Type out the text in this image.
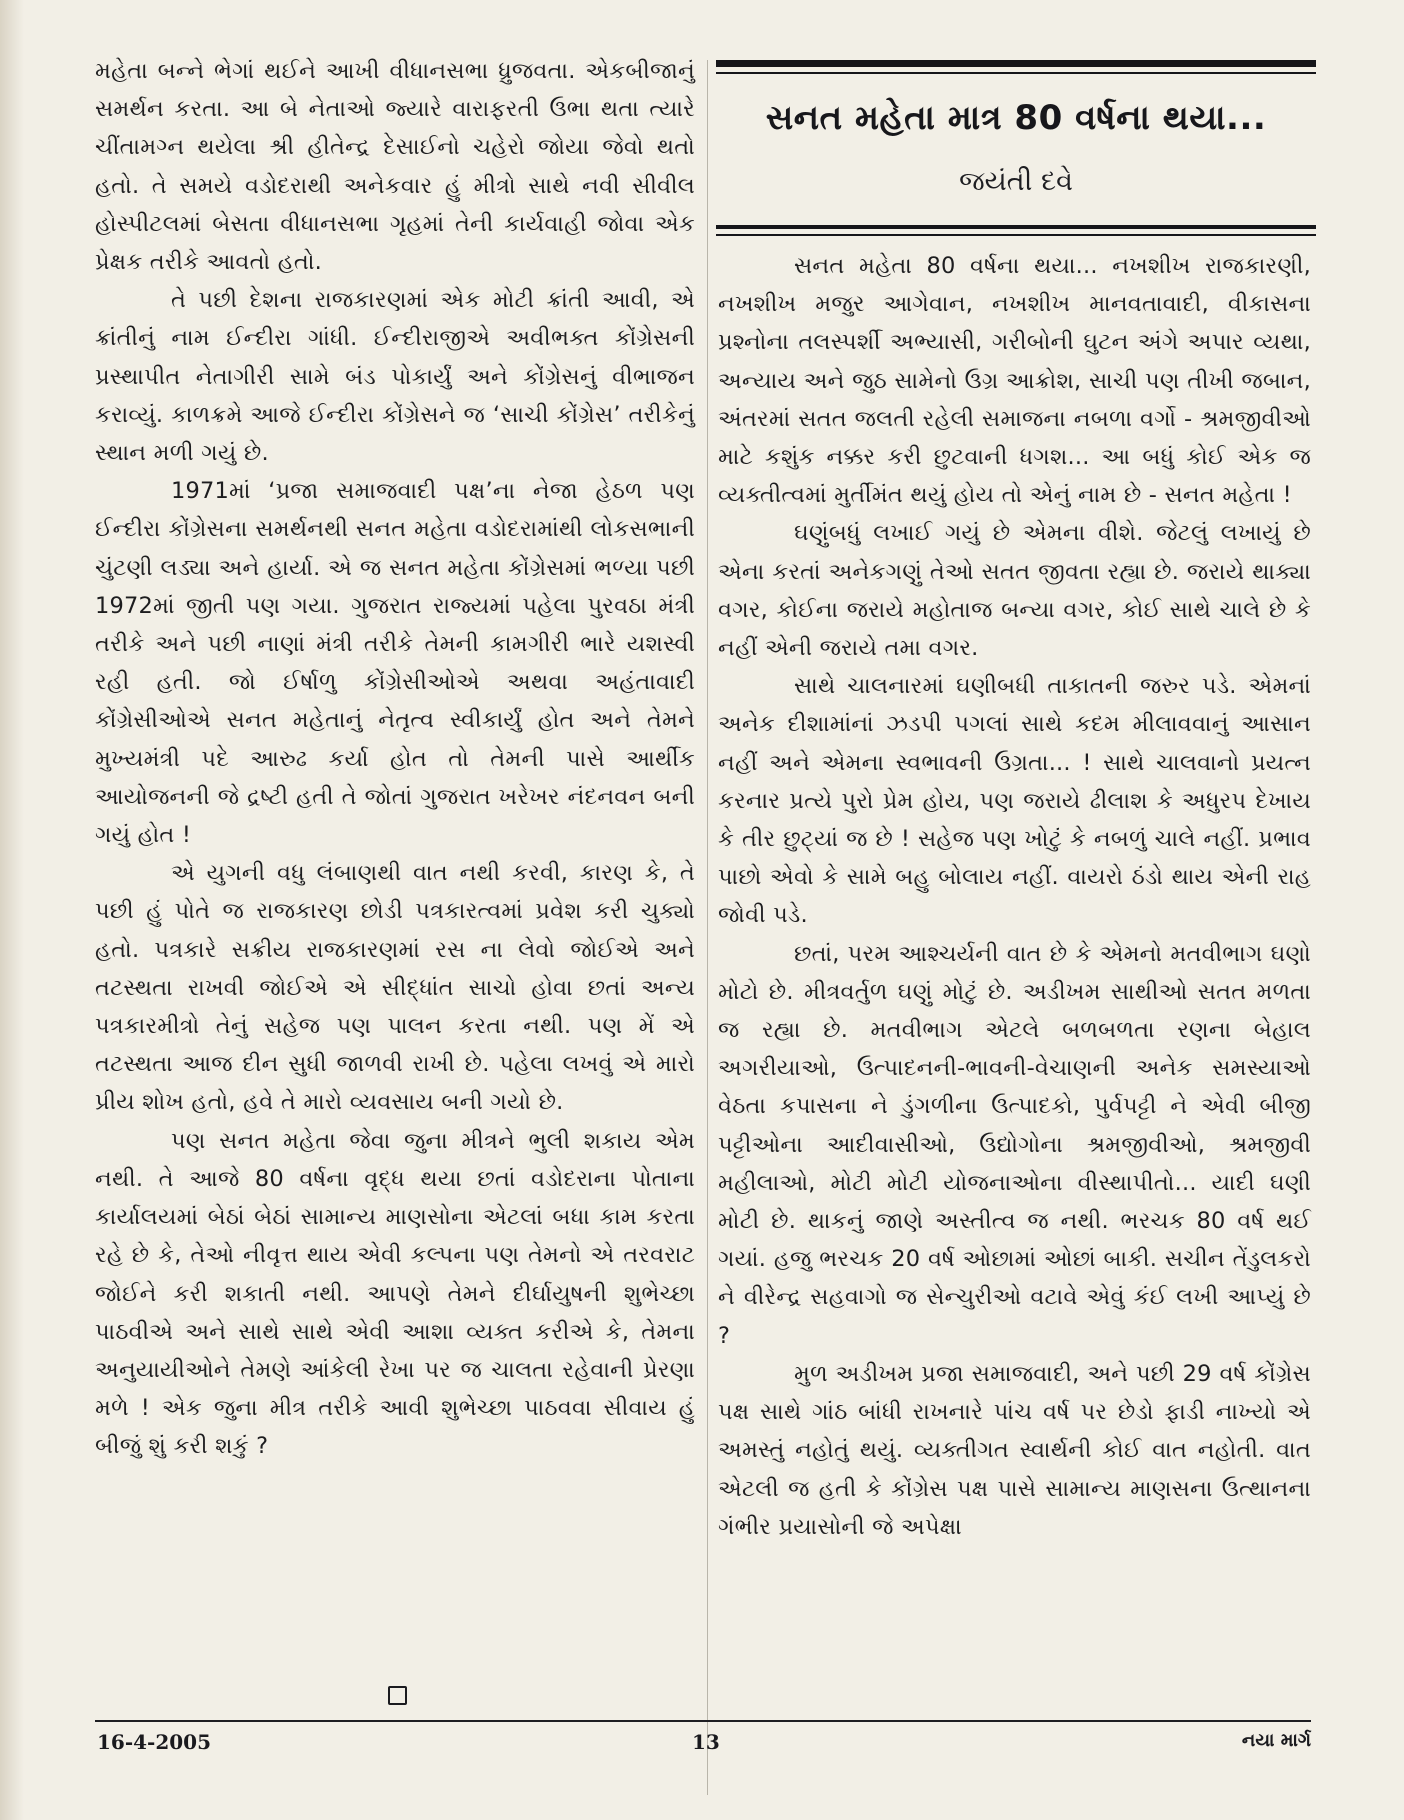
મહેતા બન્ને ભેગાં થઈને આખી વીધાનસભા ધ્રુજવતા. એકબીજાનું સમર્થન કરતા. આ બે નેતાઓ જ્યારે વારાફરતી ઉભા થતા ત્યારે ચીંતામગ્ન થયેલા શ્રી હીતેન્દ્ર દેસાઈનો ચહેરો જોયા જેવો થતો હતો. તે સમયે વડોદરાથી અનેકવાર હું મીત્રો સાથે નવી સીવીલ હોસ્પીટલમાં બેસતા વીધાનસભા ગૃહમાં તેની કાર્યવાહી જોવા એક પ્રેક્ષક તરીકે આવતો હતો.

તે પછી દેશના રાજકારણમાં એક મોટી ક્રાંતી આવી, એ ક્રાંતીનું નામ ઈન્દીરા ગાંધી. ઈન્દીરાજીએ અવીભક્ત કોંગ્રેસની પ્રસ્થાપીત નેતાગીરી સામે બંડ પોકાર્યું અને કોંગ્રેસનું વીભાજન કરાવ્યું. કાળક્રમે આજે ઈન્દીરા કોંગ્રેસને જ ‘સાચી કોંગ્રેસ’ તરીકેનું સ્થાન મળી ગયું છે.

1971માં ‘પ્રજા સમાજવાદી પક્ષ’ના નેજા હેઠળ પણ ઈન્દીરા કોંગ્રેસના સમર્થનથી સનત મહેતા વડોદરામાંથી લોકસભાની ચુંટણી લડ્યા અને હાર્યા. એ જ સનત મહેતા કોંગ્રેસમાં ભળ્યા પછી 1972માં જીતી પણ ગયા. ગુજરાત રાજ્યમાં પહેલા પુરવઠા મંત્રી તરીકે અને પછી નાણાં મંત્રી તરીકે તેમની કામગીરી ભારે યશસ્વી રહી હતી. જો ઈર્ષાળુ કોંગ્રેસીઓએ અથવા અહંતાવાદી કોંગ્રેસીઓએ સનત મહેતાનું નેતૃત્વ સ્વીકાર્યું હોત અને તેમને મુખ્યમંત્રી પદે આરુઢ કર્યા હોત તો તેમની પાસે આર્થીક આયોજનની જે દ્રષ્ટી હતી તે જોતાં ગુજરાત ખરેખર નંદનવન બની ગયું હોત !

એ યુગની વધુ લંબાણથી વાત નથી કરવી, કારણ કે, તે પછી હું પોતે જ રાજકારણ છોડી પત્રકારત્વમાં પ્રવેશ કરી ચુક્યો હતો. પત્રકારે સક્રીય રાજકારણમાં રસ ના લેવો જોઈએ અને તટસ્થતા રાખવી જોઈએ એ સીદ્ધાંત સાચો હોવા છતાં અન્ય પત્રકારમીત્રો તેનું સહેજ પણ પાલન કરતા નથી. પણ મેં એ તટસ્થતા આજ દીન સુધી જાળવી રાખી છે. પહેલા લખવું એ મારો પ્રીય શોખ હતો, હવે તે મારો વ્યવસાય બની ગયો છે.

પણ સનત મહેતા જેવા જુના મીત્રને ભુલી શકાય એમ નથી. તે આજે 80 વર્ષના વૃદ્ધ થયા છતાં વડોદરાના પોતાના કાર્યાલયમાં બેઠાં બેઠાં સામાન્ય માણસોના એટલાં બધા કામ કરતા રહે છે કે, તેઓ નીવૃત્ત થાય એવી કલ્પના પણ તેમનો એ તરવરાટ જોઈને કરી શકાતી નથી. આપણે તેમને દીર્ઘાયુષની શુભેચ્છા પાઠવીએ અને સાથે સાથે એવી આશા વ્યક્ત કરીએ કે, તેમના અનુયાયીઓને તેમણે આંકેલી રેખા પર જ ચાલતા રહેવાની પ્રેરણા મળે ! એક જુના મીત્ર તરીકે આવી શુભેચ્છા પાઠવવા સીવાય હું બીજું શું કરી શકું ?

સનત મહેતા માત્ર 80 વર્ષના થયા...
જયંતી દવે

સનત મહેતા 80 વર્ષના થયા... નખશીખ રાજકારણી, નખશીખ મજુર આગેવાન, નખશીખ માનવતાવાદી, વીકાસના પ્રશ્નોના તલસ્પર્શી અભ્યાસી, ગરીબોની ઘુટન અંગે અપાર વ્યથા, અન્યાય અને જુઠ સામેનો ઉગ્ર આક્રોશ, સાચી પણ તીખી જબાન, અંતરમાં સતત જલતી રહેલી સમાજના નબળા વર્ગો - શ્રમજીવીઓ માટે કશુંક નક્કર કરી છુટવાની ધગશ... આ બધું કોઈ એક જ વ્યક્તીત્વમાં મુર્તીમંત થયું હોય તો એનું નામ છે - સનત મહેતા !

ઘણુંબધું લખાઈ ગયું છે એમના વીશે. જેટલું લખાયું છે એના કરતાં અનેકગણું તેઓ સતત જીવતા રહ્યા છે. જરાયે થાક્યા વગર, કોઈના જરાયે મહોતાજ બન્યા વગર, કોઈ સાથે ચાલે છે કે નહીં એની જરાયે તમા વગર.

સાથે ચાલનારમાં ઘણીબધી તાકાતની જરુર પડે. એમનાં અનેક દીશામાંનાં ઝડપી પગલાં સાથે કદમ મીલાવવાનું આસાન નહીં અને એમના સ્વભાવની ઉગ્રતા... ! સાથે ચાલવાનો પ્રયત્ન કરનાર પ્રત્યે પુરો પ્રેમ હોય, પણ જરાયે ઢીલાશ કે અધુરપ દેખાય કે તીર છુટ્યાં જ છે ! સહેજ પણ ખોટું કે નબળું ચાલે નહીં. પ્રભાવ પાછો એવો કે સામે બહુ બોલાય નહીં. વાયરો ઠંડો થાય એની રાહ જોવી પડે.

છતાં, પરમ આશ્ચર્યની વાત છે કે એમનો મતવીભાગ ઘણો મોટો છે. મીત્રવર્તુળ ઘણું મોટું છે. અડીખમ સાથીઓ સતત મળતા જ રહ્યા છે. મતવીભાગ એટલે બળબળતા રણના બેહાલ અગરીયાઓ, ઉત્પાદનની-ભાવની-વેચાણની અનેક સમસ્યાઓ વેઠતા કપાસના ને ડુંગળીના ઉત્પાદકો, પુર્વપટ્ટી ને એવી બીજી પટ્ટીઓના આદીવાસીઓ, ઉદ્યોગોના શ્રમજીવીઓ, શ્રમજીવી મહીલાઓ, મોટી મોટી યોજનાઓના વીસ્થાપીતો... યાદી ઘણી મોટી છે. થાકનું જાણે અસ્તીત્વ જ નથી. ભરચક 80 વર્ષ થઈ ગયાં. હજુ ભરચક 20 વર્ષ ઓછામાં ઓછાં બાકી. સચીન તેંડુલકરો ને વીરેન્દ્ર સહવાગો જ સેન્ચુરીઓ વટાવે એવું કંઈ લખી આપ્યું છે ?

મુળ અડીખમ પ્રજા સમાજવાદી, અને પછી 29 વર્ષ કોંગ્રેસ પક્ષ સાથે ગાંઠ બાંધી રાખનારે પાંચ વર્ષ પર છેડો ફાડી નાખ્યો એ અમસ્તું નહોતું થયું. વ્યક્તીગત સ્વાર્થની કોઈ વાત નહોતી. વાત એટલી જ હતી કે કોંગ્રેસ પક્ષ પાસે સામાન્ય માણસના ઉત્થાનના ગંભીર પ્રયાસોની જે અપેક્ષા

16-4-2005	13	નયા માર્ગ
